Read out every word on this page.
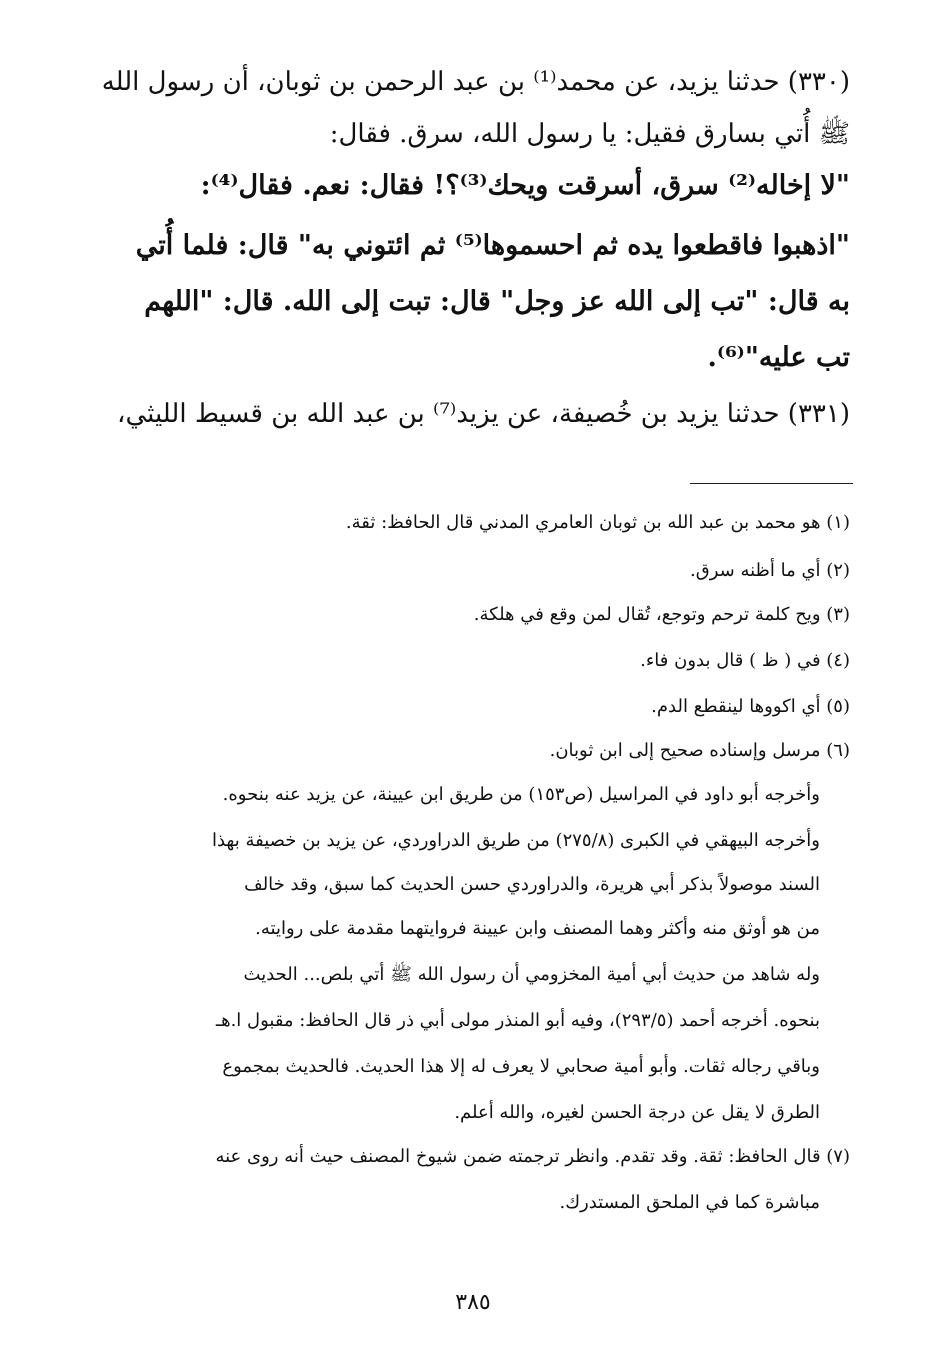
(٣٣٠) حدثنا يزيد، عن محمد⁽¹⁾ بن عبد الرحمن بن ثوبان، أن رسول الله
ﷺ أُتي بسارق فقيل: يا رسول الله، سرق. فقال:
"لا إخاله⁽²⁾ سرق، أسرقت ويحك⁽³⁾؟! فقال: نعم. فقال⁽⁴⁾:
"اذهبوا فاقطعوا يده ثم احسموها⁽⁵⁾ ثم ائتوني به" قال: فلما أُتي
به قال: "تب إلى الله عز وجل" قال: تبت إلى الله. قال: "اللهم
تب عليه"⁽⁶⁾.
(٣٣١) حدثنا يزيد بن خُصيفة، عن يزيد⁽⁷⁾ بن عبد الله بن قسيط الليثي،
(١) هو محمد بن عبد الله بن ثوبان العامري المدني قال الحافظ: ثقة.
(٢) أي ما أظنه سرق.
(٣) ويح كلمة ترحم وتوجع، تُقال لمن وقع في هلكة.
(٤) في ( ظ ) قال بدون فاء.
(٥) أي اكووها لينقطع الدم.
(٦) مرسل وإسناده صحيح إلى ابن ثوبان.
وأخرجه أبو داود في المراسيل (ص١٥٣) من طريق ابن عيينة، عن يزيد عنه بنحوه.
وأخرجه البيهقي في الكبرى (٢٧٥/٨) من طريق الدراوردي، عن يزيد بن خصيفة بهذا
السند موصولاً بذكر أبي هريرة، والدراوردي حسن الحديث كما سبق، وقد خالف
من هو أوثق منه وأكثر وهما المصنف وابن عيينة فروايتهما مقدمة على روايته.
وله شاهد من حديث أبي أمية المخزومي أن رسول الله ﷺ أتي بلص... الحديث
بنحوه. أخرجه أحمد (٢٩٣/٥)، وفيه أبو المنذر مولى أبي ذر قال الحافظ: مقبول ا.هـ
وباقي رجاله ثقات. وأبو أمية صحابي لا يعرف له إلا هذا الحديث. فالحديث بمجموع
الطرق لا يقل عن درجة الحسن لغيره، والله أعلم.
(٧) قال الحافظ: ثقة. وقد تقدم. وانظر ترجمته ضمن شيوخ المصنف حيث أنه روى عنه
مباشرة كما في الملحق المستدرك.
٣٨٥
